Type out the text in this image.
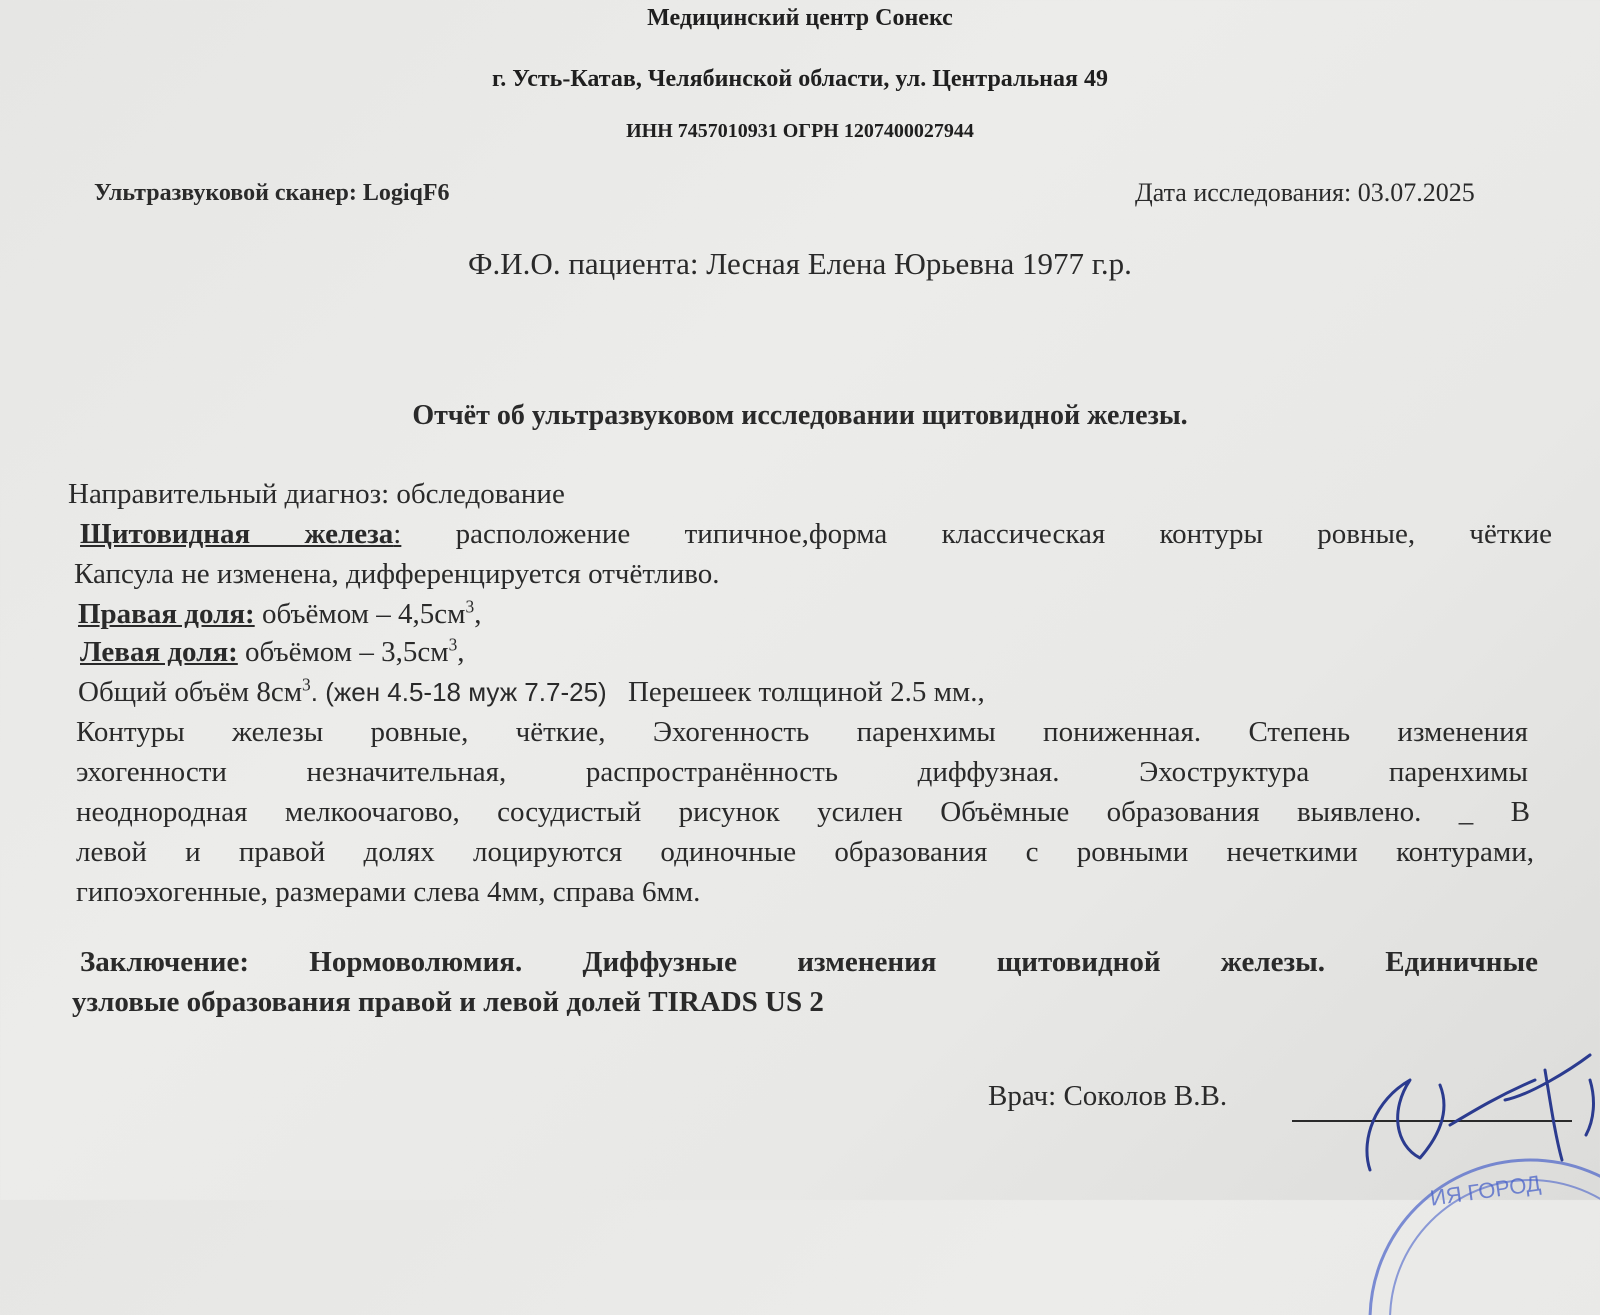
Медицинский центр Сонекс
г. Усть-Катав, Челябинской области, ул. Центральная 49
ИНН 7457010931 ОГРН 1207400027944
Ультразвуковой сканер: LogiqF6	Дата исследования: 03.07.2025
Ф.И.О. пациента: Лесная Елена Юрьевна 1977 г.р.
Отчёт об ультразвуковом исследовании щитовидной железы.
Направительный диагноз: обследование
Щитовидная железа: расположение типичное,форма классическая контуры ровные, чёткие
Капсула не изменена, дифференцируется отчётливо.
Правая доля: объёмом – $4,5см^3$,
Левая доля: объёмом – $3,5см^3$,
Общий объём $8см^3$. (жен 4.5-18 муж 7.7-25) Перешеек толщиной 2.5 мм.,
Контуры железы ровные, чёткие, Эхогенность паренхимы пониженная. Степень изменения
эхогенности незначительная, распространённость диффузная. Эхоструктура паренхимы
неоднородная мелкоочагово, сосудистый рисунок усилен Объёмные образования выявлено. _ В
левой и правой долях лоцируются одиночные образования с ровными нечеткими контурами,
гипоэхогенные, размерами слева 4мм, справа 6мм.
Заключение: Нормоволюмия. Диффузные изменения щитовидной железы. Единичные
узловые образования правой и левой долей TIRADS US 2
Врач: Соколов В.В.
ИЯ ГОРОД
